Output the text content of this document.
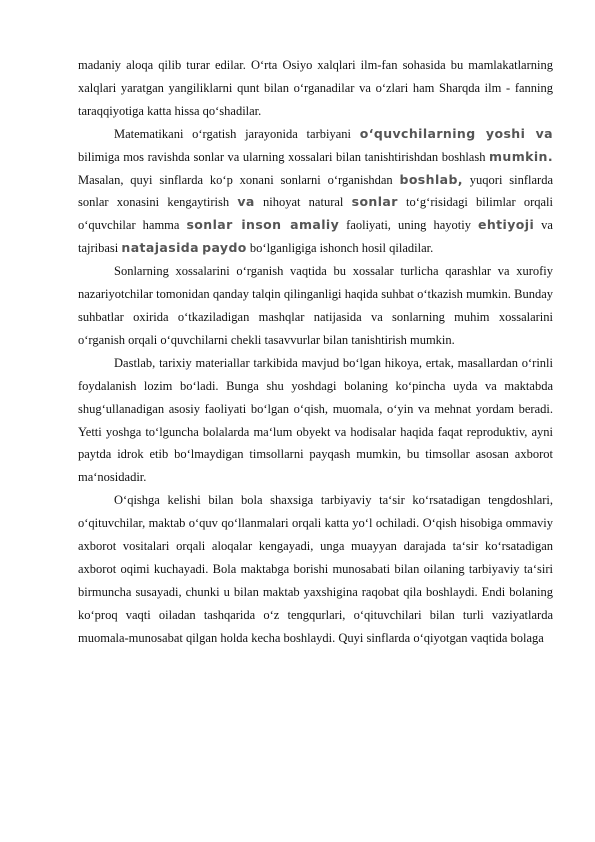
madaniy aloqa qilib turar edilar. O‘rta Osiyo xalqlari ilm-fan sohasida bu mamlakatlarning xalqlari yaratgan yangiliklarni qunt bilan o‘rganadilar va o‘zlari ham Sharqda ilm - fanning taraqqiyotiga katta hissa qo‘shadilar.

Matematikani o‘rgatish jarayonida tarbiyani o‘quvchilarning yoshi va bilimiga mos ravishda sonlar va ularning xossalari bilan tanishtirishdan boshlash mumkin. Masalan, quyi sinflarda ko‘p xonani sonlarni o‘rganishdan boshlab, yuqori sinflarda sonlar xonasini kengaytirish va nihoyat natural sonlar to‘g‘risidagi bilimlar orqali o‘quvchilar hamma sonlar inson amaliy faoliyati, uning hayotiy ehtiyoji va tajribasi natajasida paydo bo‘lganligiga ishonch hosil qiladilar.

Sonlarning xossalarini o‘rganish vaqtida bu xossalar turlicha qarashlar va xurofiy nazariyotchilar tomonidan qanday talqin qilinganligi haqida suhbat o‘tkazish mumkin. Bunday suhbatlar oxirida o‘tkaziladigan mashqlar natijasida va sonlarning muhim xossalarini o‘rganish orqali o‘quvchilarni chekli tasavvurlar bilan tanishtirish mumkin.

Dastlab, tarixiy materiallar tarkibida mavjud bo‘lgan hikoya, ertak, masallardan o‘rinli foydalanish lozim bo‘ladi. Bunga shu yoshdagi bolaning ko‘pincha uyda va maktabda shug‘ullanadigan asosiy faoliyati bo‘lgan o‘qish, muomala, o‘yin va mehnat yordam beradi. Yetti yoshga to‘lguncha bolalarda ma‘lum obyekt va hodisalar haqida faqat reproduktiv, ayni paytda idrok etib bo‘lmaydigan timsollarni payqash mumkin, bu timsollar asosan axborot ma‘nosidadir.

O‘qishga kelishi bilan bola shaxsiga tarbiyaviy ta‘sir ko‘rsatadigan tengdoshlari, o‘qituvchilar, maktab o‘quv qo‘llanmalari orqali katta yo‘l ochiladi. O‘qish hisobiga ommaviy axborot vositalari orqali aloqalar kengayadi, unga muayyan darajada ta‘sir ko‘rsatadigan axborot oqimi kuchayadi. Bola maktabga borishi munosabati bilan oilaning tarbiyaviy ta‘siri birmuncha susayadi, chunki u bilan maktab yaxshigina raqobat qila boshlaydi. Endi bolaning ko‘proq vaqti oiladan tashqarida o‘z tengqurlari, o‘qituvchilari bilan turli vaziyatlarda muomala-munosabat qilgan holda kecha boshlaydi. Quyi sinflarda o‘qiyotgan vaqtida bolaga
